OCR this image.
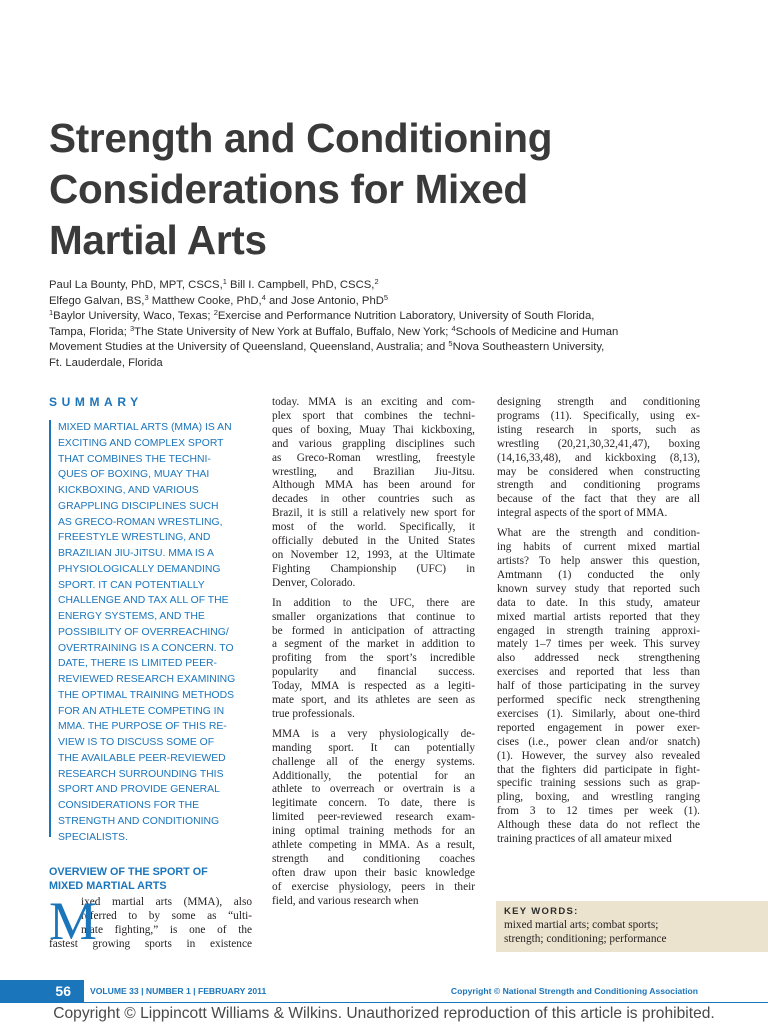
Strength and Conditioning
Considerations for Mixed
Martial Arts
Paul La Bounty, PhD, MPT, CSCS,$^1$ Bill I. Campbell, PhD, CSCS,$^2$
Elfego Galvan, BS,$^3$ Matthew Cooke, PhD,$^4$ and Jose Antonio, PhD$^5$
$^1$Baylor University, Waco, Texas; $^2$Exercise and Performance Nutrition Laboratory, University of South Florida,
Tampa, Florida; $^3$The State University of New York at Buffalo, Buffalo, New York; $^4$Schools of Medicine and Human
Movement Studies at the University of Queensland, Queensland, Australia; and $^5$Nova Southeastern University,
Ft. Lauderdale, Florida
SUMMARY
MIXED MARTIAL ARTS (MMA) IS AN
EXCITING AND COMPLEX SPORT
THAT COMBINES THE TECHNI-
QUES OF BOXING, MUAY THAI
KICKBOXING, AND VARIOUS
GRAPPLING DISCIPLINES SUCH
AS GRECO-ROMAN WRESTLING,
FREESTYLE WRESTLING, AND
BRAZILIAN JIU-JITSU. MMA IS A
PHYSIOLOGICALLY DEMANDING
SPORT. IT CAN POTENTIALLY
CHALLENGE AND TAX ALL OF THE
ENERGY SYSTEMS, AND THE
POSSIBILITY OF OVERREACHING/
OVERTRAINING IS A CONCERN. TO
DATE, THERE IS LIMITED PEER-
REVIEWED RESEARCH EXAMINING
THE OPTIMAL TRAINING METHODS
FOR AN ATHLETE COMPETING IN
MMA. THE PURPOSE OF THIS RE-
VIEW IS TO DISCUSS SOME OF
THE AVAILABLE PEER-REVIEWED
RESEARCH SURROUNDING THIS
SPORT AND PROVIDE GENERAL
CONSIDERATIONS FOR THE
STRENGTH AND CONDITIONING
SPECIALISTS.
OVERVIEW OF THE SPORT OF
MIXED MARTIAL ARTS
M
ixed martial arts (MMA), also
referred to by some as “ulti-
mate fighting,” is one of the
fastest growing sports in existence
today. MMA is an exciting and com-
plex sport that combines the techni-
ques of boxing, Muay Thai kickboxing,
and various grappling disciplines such
as Greco-Roman wrestling, freestyle
wrestling, and Brazilian Jiu-Jitsu.
Although MMA has been around for
decades in other countries such as
Brazil, it is still a relatively new sport for
most of the world. Specifically, it
officially debuted in the United States
on November 12, 1993, at the Ultimate
Fighting Championship (UFC) in
Denver, Colorado.
In addition to the UFC, there are
smaller organizations that continue to
be formed in anticipation of attracting
a segment of the market in addition to
profiting from the sport’s incredible
popularity and financial success.
Today, MMA is respected as a legiti-
mate sport, and its athletes are seen as
true professionals.
MMA is a very physiologically de-
manding sport. It can potentially
challenge all of the energy systems.
Additionally, the potential for an
athlete to overreach or overtrain is a
legitimate concern. To date, there is
limited peer-reviewed research exam-
ining optimal training methods for an
athlete competing in MMA. As a result,
strength and conditioning coaches
often draw upon their basic knowledge
of exercise physiology, peers in their
field, and various research when
designing strength and conditioning
programs (11). Specifically, using ex-
isting research in sports, such as
wrestling (20,21,30,32,41,47), boxing
(14,16,33,48), and kickboxing (8,13),
may be considered when constructing
strength and conditioning programs
because of the fact that they are all
integral aspects of the sport of MMA.
What are the strength and condition-
ing habits of current mixed martial
artists? To help answer this question,
Amtmann (1) conducted the only
known survey study that reported such
data to date. In this study, amateur
mixed martial artists reported that they
engaged in strength training approxi-
mately 1–7 times per week. This survey
also addressed neck strengthening
exercises and reported that less than
half of those participating in the survey
performed specific neck strengthening
exercises (1). Similarly, about one-third
reported engagement in power exer-
cises (i.e., power clean and/or snatch)
(1). However, the survey also revealed
that the fighters did participate in fight-
specific training sessions such as grap-
pling, boxing, and wrestling ranging
from 3 to 12 times per week (1).
Although these data do not reflect the
training practices of all amateur mixed
KEY WORDS:
mixed martial arts; combat sports;
strength; conditioning; performance
56	VOLUME 33 | NUMBER 1 | FEBRUARY 2011	Copyright © National Strength and Conditioning Association
Copyright © Lippincott Williams & Wilkins. Unauthorized reproduction of this article is prohibited.
